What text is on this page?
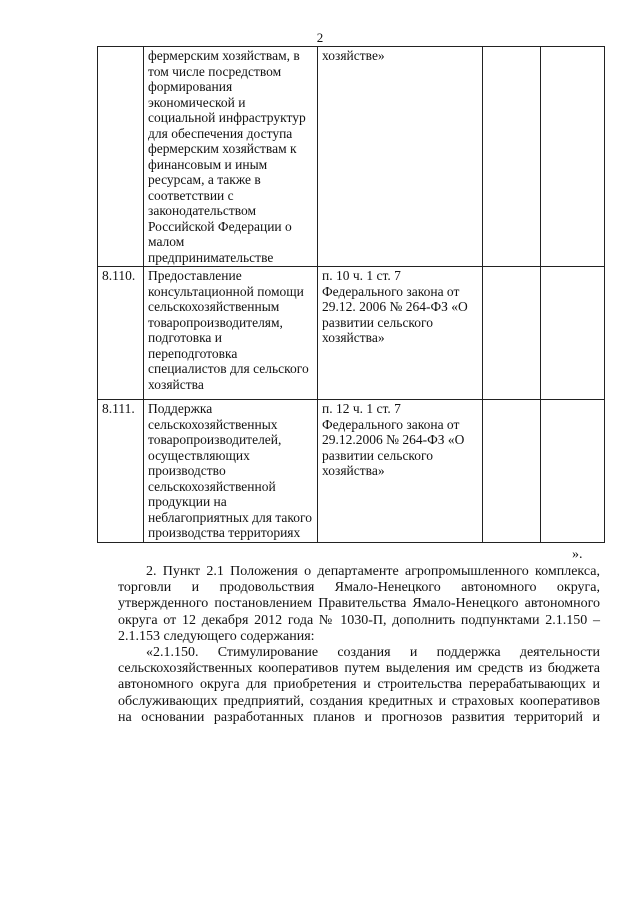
2
	фермерским хозяйствам, в том числе посредством формирования экономической и социальной инфраструктур для обеспечения доступа фермерским хозяйствам к финансовым и иным ресурсам, а также в соответствии с законодательством Российской Федерации о малом предпринимательстве	хозяйстве»		
8.110.	Предоставление консультационной помощи сельскохозяйственным товаропроизводителям, подготовка и переподготовка специалистов для сельского хозяйства	п. 10 ч. 1 ст. 7 Федерального закона от 29.12. 2006 № 264-ФЗ «О развитии сельского хозяйства»		
8.111.	Поддержка сельскохозяйственных товаропроизводителей, осуществляющих производство сельскохозяйственной продукции на неблагоприятных для такого производства территориях	п. 12 ч. 1 ст. 7 Федерального закона от 29.12.2006 № 264-ФЗ «О развитии сельского хозяйства»		
».
2. Пункт 2.1 Положения о департаменте агропромышленного комплекса,
торговли и продовольствия Ямало-Ненецкого автономного округа,
утвержденного постановлением Правительства Ямало-Ненецкого автономного
округа от 12 декабря 2012 года № 1030-П, дополнить подпунктами 2.1.150 –
2.1.153 следующего содержания:
«2.1.150. Стимулирование создания и поддержка деятельности
сельскохозяйственных кооперативов путем выделения им средств из бюджета
автономного округа для приобретения и строительства перерабатывающих и
обслуживающих предприятий, создания кредитных и страховых кооперативов
на основании разработанных планов и прогнозов развития территорий и
